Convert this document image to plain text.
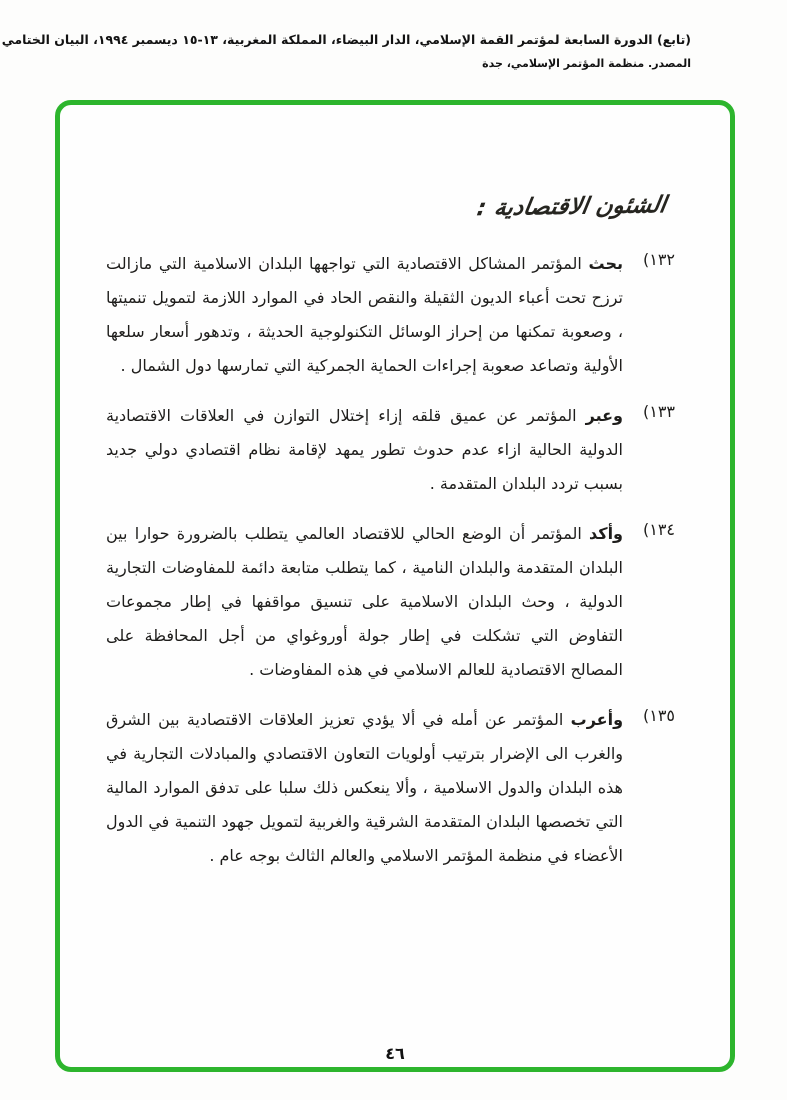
(تابع) الدورة السابعة لمؤتمر القمة الإسلامي، الدار البيضاء، المملكة المغربية، ١٣-١٥ ديسمبر ١٩٩٤، البيان الختامي
المصدر. منظمة المؤتمر الإسلامي، جدة
الشئون الاقتصادية :
١٣٢)

بحث المؤتمر المشاكل الاقتصادية التي تواجهها البلدان الاسلامية التي مازالت ترزح تحت أعباء الديون الثقيلة والنقص الحاد في الموارد اللازمة لتمويل تنميتها ، وصعوبة تمكنها من إحراز الوسائل التكنولوجية الحديثة ، وتدهور أسعار سلعها الأولية وتصاعد صعوبة إجراءات الحماية الجمركية التي تمارسها دول الشمال .

١٣٣)

وعبر المؤتمر عن عميق قلقه إزاء إختلال التوازن في العلاقات الاقتصادية الدولية الحالية ازاء عدم حدوث تطور يمهد لإقامة نظام اقتصادي دولي جديد بسبب تردد البلدان المتقدمة .

١٣٤)

وأكد المؤتمر أن الوضع الحالي للاقتصاد العالمي يتطلب بالضرورة حوارا بين البلدان المتقدمة والبلدان النامية ، كما يتطلب متابعة دائمة للمفاوضات التجارية الدولية ، وحث البلدان الاسلامية على تنسيق مواقفها في إطار مجموعات التفاوض التي تشكلت في إطار جولة أوروغواي من أجل المحافظة على المصالح الاقتصادية للعالم الاسلامي في هذه المفاوضات .

١٣٥)

وأعرب المؤتمر عن أمله في ألا يؤدي تعزيز العلاقات الاقتصادية بين الشرق والغرب الى الإضرار بترتيب أولويات التعاون الاقتصادي والمبادلات التجارية في هذه البلدان والدول الاسلامية ، وألا ينعكس ذلك سلبا على تدفق الموارد المالية التي تخصصها البلدان المتقدمة الشرقية والغربية لتمويل جهود التنمية في الدول الأعضاء في منظمة المؤتمر الاسلامي والعالم الثالث بوجه عام .

٤٦
